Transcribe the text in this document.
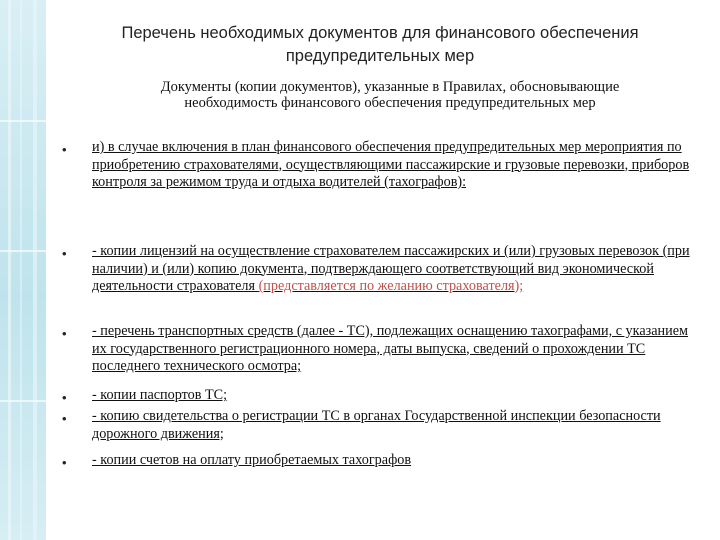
Перечень необходимых документов для финансового обеспечения
предупредительных мер
Документы (копии документов), указанные в Правилах, обосновывающие
необходимость финансового обеспечения предупредительных мер
• и) в случае включения в план финансового обеспечения предупредительных мер мероприятия по приобретению страхователями, осуществляющими пассажирские и грузовые перевозки, приборов контроля за режимом труда и отдыха водителей (тахографов):
• - копии лицензий на осуществление страхователем пассажирских и (или) грузовых перевозок (при наличии) и (или) копию документа, подтверждающего соответствующий вид экономической деятельности страхователя (представляется по желанию страхователя);
• - перечень транспортных средств (далее - ТС), подлежащих оснащению тахографами, с указанием их государственного регистрационного номера, даты выпуска, сведений о прохождении ТС последнего технического осмотра;
• - копии паспортов ТС;
• - копию свидетельства о регистрации ТС в органах Государственной инспекции безопасности дорожного движения;
• - копии счетов на оплату приобретаемых тахографов
